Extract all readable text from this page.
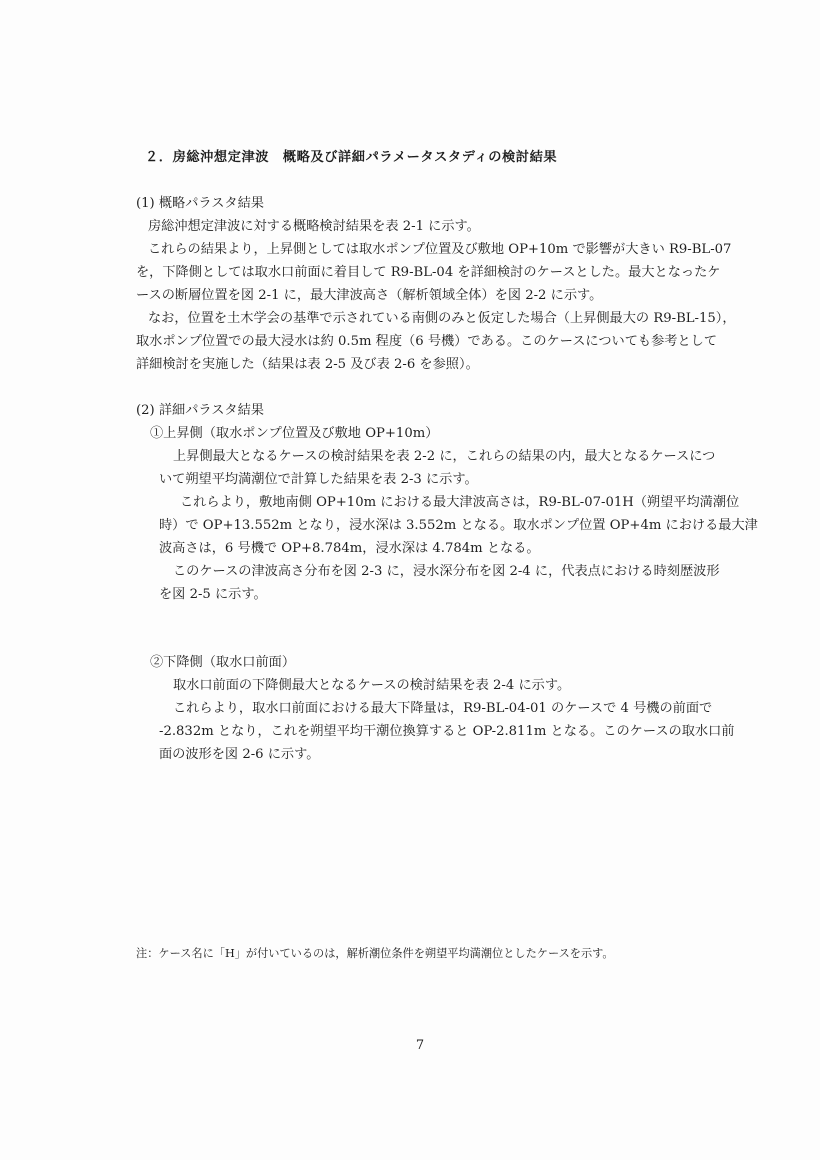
２．房総沖想定津波　概略及び詳細パラメータスタディの検討結果
(1) 概略パラスタ結果
房総沖想定津波に対する概略検討結果を表 2-1 に示す。
これらの結果より，上昇側としては取水ポンプ位置及び敷地 OP+10m で影響が大きい R9-BL-07
を，下降側としては取水口前面に着目して R9-BL-04 を詳細検討のケースとした。最大となったケ
ースの断層位置を図 2-1 に，最大津波高さ（解析領域全体）を図 2-2 に示す。
なお，位置を土木学会の基準で示されている南側のみと仮定した場合（上昇側最大の R9-BL-15），
取水ポンプ位置での最大浸水は約 0.5m 程度（6 号機）である。このケースについても参考として
詳細検討を実施した（結果は表 2-5 及び表 2-6 を参照）。
(2) 詳細パラスタ結果
①上昇側（取水ポンプ位置及び敷地 OP+10m）
上昇側最大となるケースの検討結果を表 2-2 に，これらの結果の内，最大となるケースにつ
いて朔望平均満潮位で計算した結果を表 2-3 に示す。
これらより，敷地南側 OP+10m における最大津波高さは，R9-BL-07-01H（朔望平均満潮位
時）で OP+13.552m となり，浸水深は 3.552m となる。取水ポンプ位置 OP+4m における最大津
波高さは，6 号機で OP+8.784m，浸水深は 4.784m となる。
このケースの津波高さ分布を図 2-3 に，浸水深分布を図 2-4 に，代表点における時刻歴波形
を図 2-5 に示す。
②下降側（取水口前面）
取水口前面の下降側最大となるケースの検討結果を表 2-4 に示す。
これらより，取水口前面における最大下降量は，R9-BL-04-01 のケースで 4 号機の前面で
-2.832m となり，これを朔望平均干潮位換算すると OP-2.811m となる。このケースの取水口前
面の波形を図 2-6 に示す。
注：ケース名に「H」が付いているのは，解析潮位条件を朔望平均満潮位としたケースを示す。
7
